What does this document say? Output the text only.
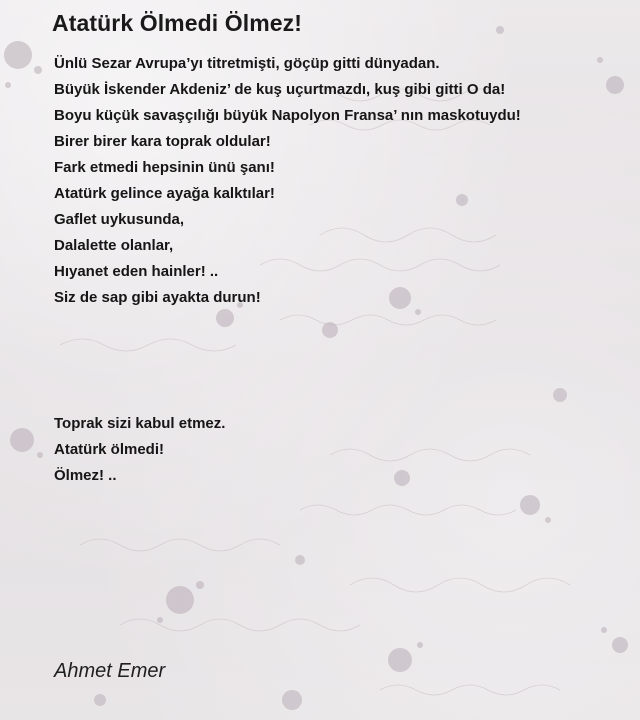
Atatürk Ölmedi Ölmez!
Ünlü Sezar Avrupa’yı titretmişti, göçüp gitti dünyadan.
Büyük İskender Akdeniz’ de kuş uçurtmazdı, kuş gibi gitti O da!
Boyu küçük savaşçılığı büyük Napolyon Fransa’ nın maskotuydu!
Birer birer kara toprak oldular!
Fark etmedi hepsinin ünü şanı!
Atatürk gelince ayağa kalktılar!
Gaflet uykusunda,
Dalalette olanlar,
Hıyanet eden hainler! ..
Siz de sap gibi ayakta durun!
Toprak sizi kabul etmez.
Atatürk ölmedi!
Ölmez! ..
Ahmet Emer
